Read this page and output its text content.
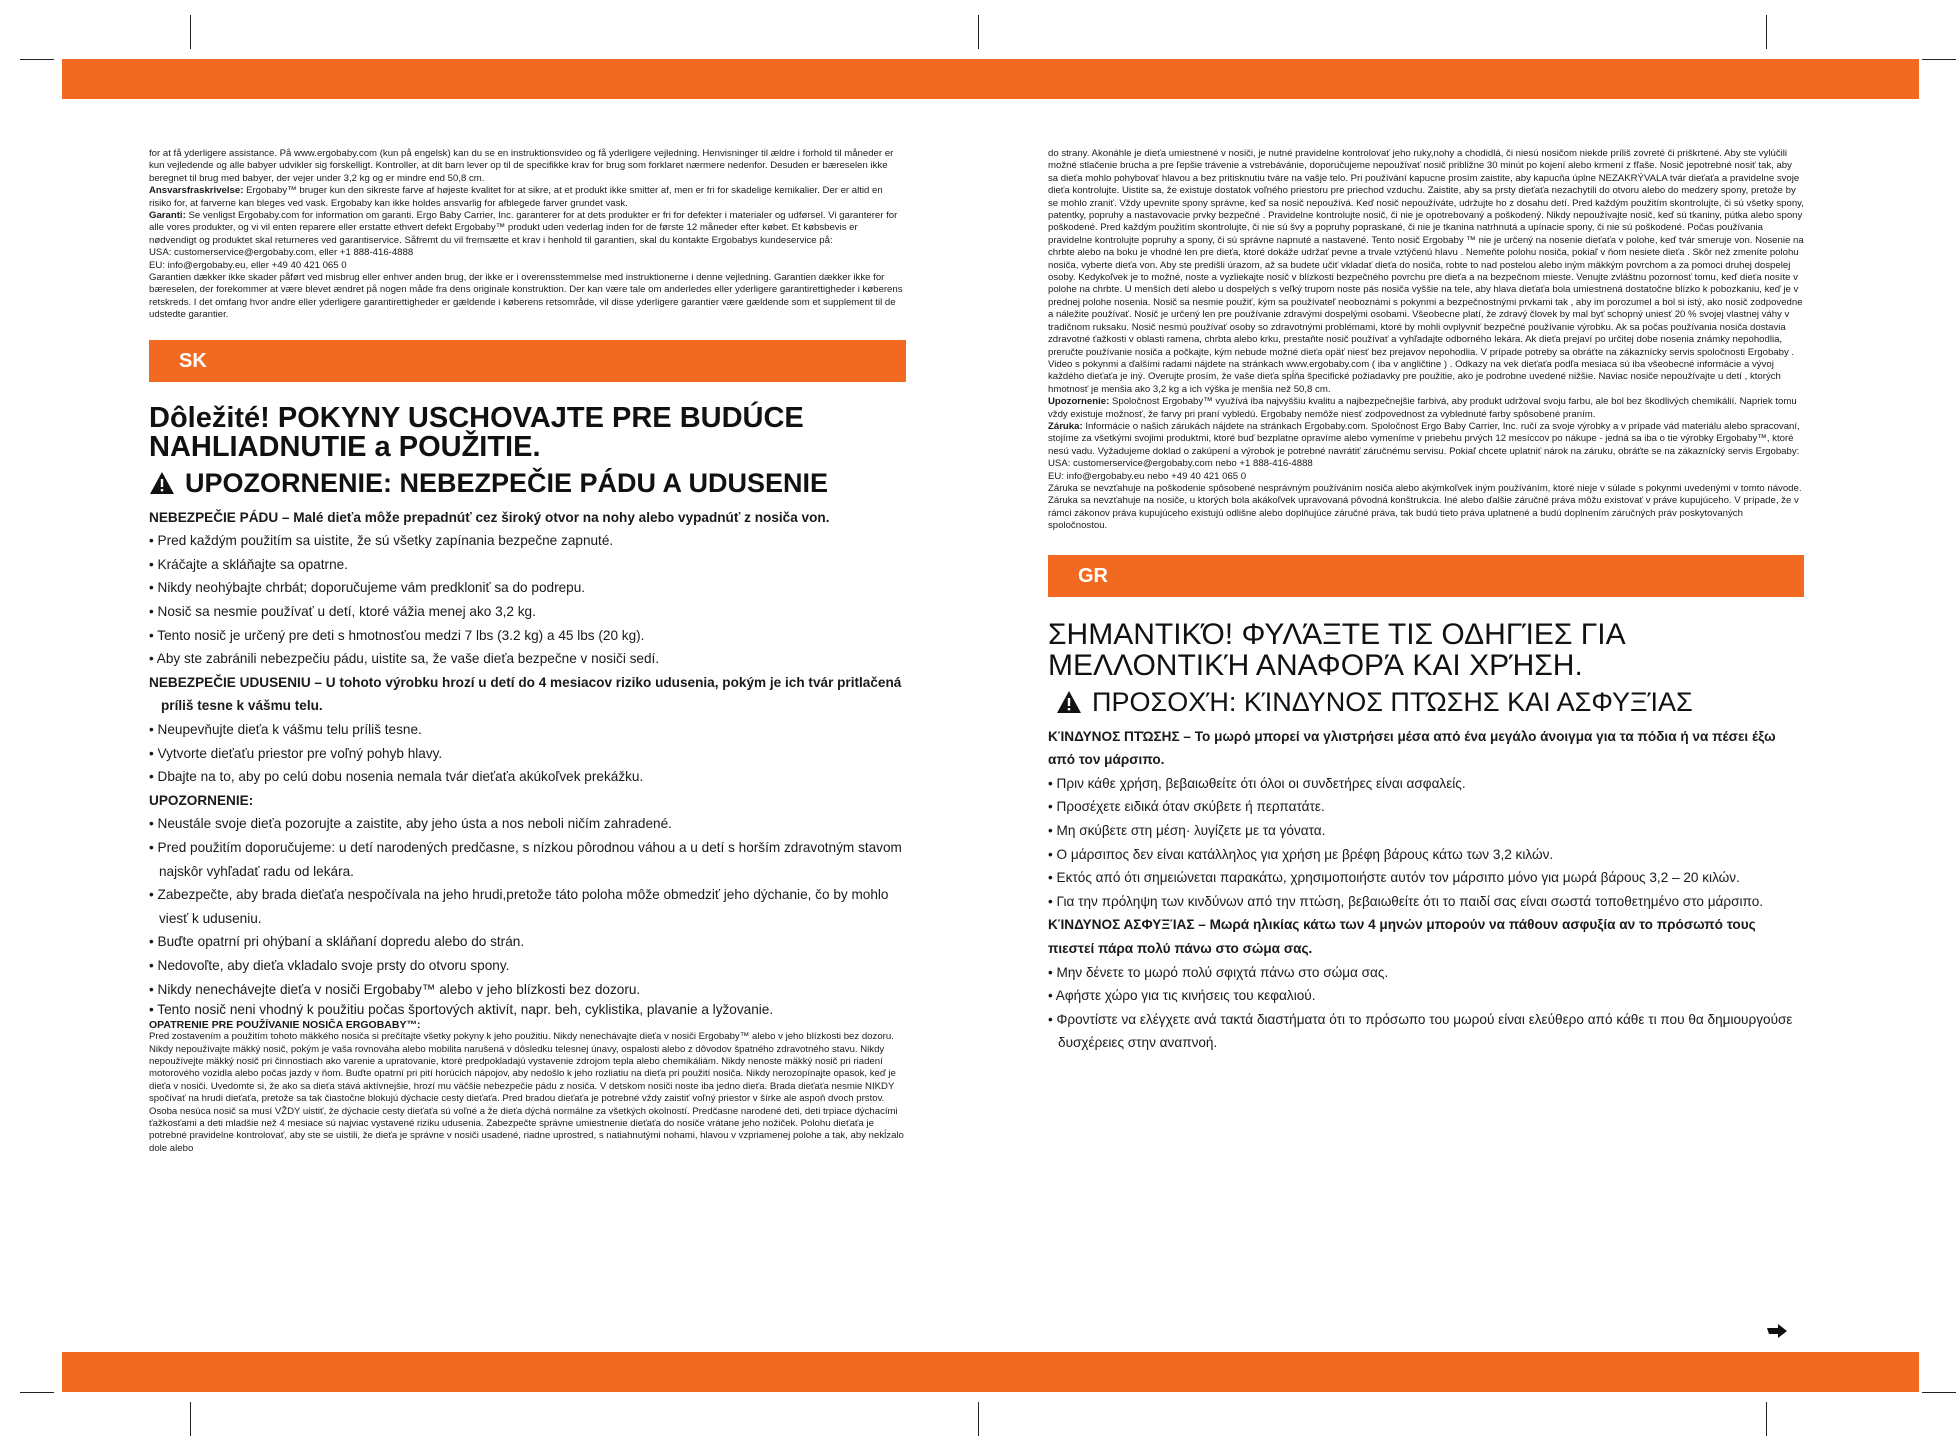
for at få yderligere assistance. På www.ergobaby.com (kun på engelsk) kan du se en instruktionsvideo og få yderligere vejledning. Henvisninger til ældre i forhold til måneder er kun vejledende og alle babyer udvikler sig forskelligt. Kontroller, at dit barn lever op til de specifikke krav for brug som forklaret nærmere nedenfor. Desuden er bæreselen ikke beregnet til brug med babyer, der vejer under 3,2 kg og er mindre end 50,8 cm.

Ansvarsfraskrivelse: Ergobaby™ bruger kun den sikreste farve af højeste kvalitet for at sikre, at et produkt ikke smitter af, men er fri for skadelige kemikalier. Der er altid en risiko for, at farverne kan bleges ved vask. Ergobaby kan ikke holdes ansvarlig for afblegede farver grundet vask.

Garanti: Se venligst Ergobaby.com for information om garanti. Ergo Baby Carrier, Inc. garanterer for at dets produkter er fri for defekter i materialer og udførsel. Vi garanterer for alle vores produkter, og vi vil enten reparere eller erstatte ethvert defekt Ergobaby™ produkt uden vederlag inden for de første 12 måneder efter købet. Et købsbevis er nødvendigt og produktet skal returneres ved garantiservice. Såfremt du vil fremsætte et krav i henhold til garantien, skal du kontakte Ergobabys kundeservice på:

USA: customerservice@ergobaby.com, eller +1 888-416-4888

EU: info@ergobaby.eu, eller +49 40 421 065 0

Garantien dækker ikke skader påført ved misbrug eller enhver anden brug, der ikke er i overensstemmelse med instruktionerne i denne vejledning. Garantien dækker ikke for bæreselen, der forekommer at være blevet ændret på nogen måde fra dens originale konstruktion. Der kan være tale om anderledes eller yderligere garantirettigheder i køberens retskreds. I det omfang hvor andre eller yderligere garantirettigheder er gældende i køberens retsområde, vil disse yderligere garantier være gældende som et supplement til de udstedte garantier.

SK
Dôležité! POKYNY USCHOVAJTE PRE BUDÚCE NAHLIADNUTIE a POUŽITIE.
UPOZORNENIE: NEBEZPEČIE PÁDU A UDUSENIE

NEBEZPEČIE PÁDU – Malé dieťa môže prepadnúť cez široký otvor na nohy alebo vypadnúť z nosiča von.

• Pred každým použitím sa uistite, že sú všetky zapínania bezpečne zapnuté.

• Kráčajte a skláňajte sa opatrne.

• Nikdy neohýbajte chrbát; doporučujeme vám predkloniť sa do podrepu.

• Nosič sa nesmie používať u detí, ktoré vážia menej ako 3,2 kg.

• Tento nosič je určený pre deti s hmotnosťou medzi 7 lbs (3.2 kg) a 45 lbs (20 kg).

• Aby ste zabránili nebezpečiu pádu, uistite sa, že vaše dieťa bezpečne v nosiči sedí.

NEBEZPEČIE UDUSENIU – U tohoto výrobku hrozí u detí do 4 mesiacov riziko udusenia, pokým je ich tvár pritlačená príliš tesne k vášmu telu.

• Neupevňujte dieťa k vášmu telu príliš tesne.

• Vytvorte dieťaťu priestor pre voľný pohyb hlavy.

• Dbajte na to, aby po celú dobu nosenia nemala tvár dieťaťa akúkoľvek prekážku.

UPOZORNENIE:

• Neustále svoje dieťa pozorujte a zaistite, aby jeho ústa a nos neboli ničím zahradené.

• Pred použitím doporučujeme: u detí narodených predčasne, s nízkou pôrodnou váhou a u detí s horším zdravotným stavom najskôr vyhľadať radu od lekára.

• Zabezpečte, aby brada dieťaťa nespočívala na jeho hrudi,pretože táto poloha môže obmedziť jeho dýchanie, čo by mohlo viesť k uduseniu.

• Buďte opatrní pri ohýbaní a skláňaní dopredu alebo do strán.

• Nedovoľte, aby dieťa vkladalo svoje prsty do otvoru spony.

• Nikdy nenechávejte dieťa v nosiči Ergobaby™ alebo v jeho blízkosti bez dozoru.

• Tento nosič neni vhodný k použitiu počas športových aktivít, napr. beh, cyklistika, plavanie a lyžovanie.

OPATRENIE PRE POUŽÍVANIE NOSIČA ERGOBABY™:

Pred zostavením a použitím tohoto mäkkého nosiča si prečítajte všetky pokyny k jeho použitiu. Nikdy nenechávajte dieťa v nosiči Ergobaby™ alebo v jeho blízkosti bez dozoru. Nikdy nepoužívajte mäkký nosič, pokým je vaša rovnováha alebo mobilita narušená v dôsledku telesnej únavy, ospalosti alebo z dôvodov špatného zdravotného stavu. Nikdy nepoužívejte mäkký nosič pri činnostiach ako varenie a upratovanie, ktoré predpokladajú vystavenie zdrojom tepla alebo chemikáliám. Nikdy nenoste mäkký nosič pri riadení motorového vozidla alebo počas jazdy v ňom. Buďte opatrní pri pití horúcich nápojov, aby nedošlo k jeho rozliatiu na dieťa pri použití nosiča. Nikdy nerozopínajte opasok, keď je dieťa v nosiči. Uvedomte si, že ako sa dieťa stává aktívnejšie, hrozí mu väčšie nebezpečie pádu z nosiča. V detskom nosiči noste iba jedno dieťa. Brada dieťaťa nesmie NIKDY spočívať na hrudi dieťaťa, pretože sa tak čiastočne blokujú dýchacie cesty dieťaťa. Pred bradou dieťaťa je potrebné vždy zaistiť voľný priestor v šírke ale aspoň dvoch prstov. Osoba nesúca nosič sa musí VŽDY uistiť, že dýchacie cesty dieťaťa sú voľné a že dieťa dýchá normálne za všetkých okolností. Predčasne narodené deti, deti trpiace dýchacími ťažkosťami a deti mladšie než 4 mesiace sú najviac vystavené riziku udusenia. Zabezpečte správne umiestnenie dieťaťa do nosiče vrátane jeho nožiček. Polohu dieťaťa je potrebné pravidelne kontrolovať, aby ste se uistili, že dieťa je správne v nosiči usadené, riadne uprostred, s natiahnutými nohami, hlavou v vzpriamenej polohe a tak, aby nekĺzalo dole alebo

do strany. Akonáhle je dieťa umiestnené v nosiči, je nutné pravidelne kontrolovať jeho ruky,nohy a chodidlá, či niesú nosičom niekde príliš zovreté či priškrtené. Aby ste vylúčili možné stlačenie brucha a pre ľepšie trávenie a vstrebávánie, doporučujeme nepoužívať nosič približne 30 minút po kojení alebo krmení z fľaše. Nosič jepotrebné nosiť tak, aby sa dieťa mohlo pohybovať hlavou a bez pritisknutiu tváre na vašje telo. Pri používání kapucne prosím zaistite, aby kapucňa úplne NEZAKRÝVALA tvár dieťaťa a pravidelne svoje dieťa kontrolujte. Uistite sa, že existuje dostatok voľného priestoru pre priechod vzduchu. Zaistite, aby sa prsty dieťaťa nezachytili do otvoru alebo do medzery spony, pretože by se mohlo zraniť. Vždy upevnite spony správne, keď sa nosič nepoužívá. Keď nosič nepoužíváte, udržujte ho z dosahu detí. Pred každým použitím skontrolujte, či sú všetky spony, patentky, popruhy a nastavovacie prvky bezpečné . Pravidelne kontrolujte nosič, či nie je opotrebovaný a poškodený. Nikdy nepoužívajte nosič, keď sú tkaniny, pútka alebo spony poškodené. Pred každým použitím skontrolujte, či nie sú švy a popruhy popraskané, či nie je tkanina natrhnutá a upínacie spony, či nie sú poškodené. Počas používania pravidelne kontrolujte popruhy a spony, či sú správne napnuté a nastavené. Tento nosič Ergobaby ™ nie je určený na nosenie dieťaťa v polohe, keď tvár smeruje von. Nosenie na chrbte alebo na boku je vhodné len pre dieťa, ktoré dokáže udržať pevne a trvale vztýčenú hlavu . Nemeňte polohu nosiča, pokiaľ v ňom nesiete dieťa . Skôr než zmeníte polohu nosiča, vyberte dieťa von. Aby ste predišli úrazom, až sa budete učiť vkladať dieťa do nosiča, robte to nad postelou alebo iným mäkkým povrchom a za pomoci druhej dospelej osoby. Kedykoľvek je to možné, noste a vyzliekajte nosič v blízkosti bezpečného povrchu pre dieťa a na bezpečnom mieste. Venujte zvláštnu pozornosť tomu, keď dieťa nosíte v polohe na chrbte. U menších detí alebo u dospelých s veľký trupom noste pás nosiča vyššie na tele, aby hlava dieťaťa bola umiestnená dostatočne blízko k pobozkaniu, keď je v prednej polohe nosenia. Nosič sa nesmie použiť, kým sa používateľ neoboznámi s pokynmi a bezpečnostnými prvkami tak , aby im porozumel a bol si istý, ako nosič zodpovedne a náležite používať. Nosič je určený len pre používanie zdravými dospelými osobami. Všeobecne platí, že zdravý človek by mal byť schopný uniesť 20 % svojej vlastnej váhy v tradičnom ruksaku. Nosič nesmú používať osoby so zdravotnými problémami, ktoré by mohli ovplyvniť bezpečné používanie výrobku. Ak sa počas používania nosiča dostavia zdravotné ťažkosti v oblasti ramena, chrbta alebo krku, prestaňte nosič používať a vyhľadajte odborného lekára. Ak dieťa prejaví po určitej dobe nosenia známky nepohodlia, preručte používanie nosiča a počkajte, kým nebude možné dieťa opäť niesť bez prejavov nepohodlia. V prípade potreby sa obráťte na zákaznícky servis spoločnosti Ergobaby . Video s pokynmi a ďalšími radami nájdete na stránkach www.ergobaby.com ( iba v angličtine ) . Odkazy na vek dieťaťa podľa mesiaca sú iba všeobecné informácie a vývoj každého dieťaťa je iný. Overujte prosím, že vaše dieťa spĺňa špecifické požiadavky pre použitie, ako je podrobne uvedené nižšie. Naviac nosiče nepoužívajte u detí , ktorých hmotnosť je menšia ako 3,2 kg a ich výška je menšia než 50,8 cm.

Upozornenie: Spoločnost Ergobaby™ využívá iba najvyššiu kvalitu a najbezpečnejšie farbivá, aby produkt udržoval svoju farbu, ale bol bez škodlivých chemikálií. Napriek tomu vždy existuje možnosť, že farvy pri praní vybledú. Ergobaby nemôže niesť zodpovednost za vyblednuté farby spôsobené praním.

Záruka: Informácie o našich zárukách nájdete na stránkach Ergobaby.com. Spoločnost Ergo Baby Carrier, Inc. ručí za svoje výrobky a v prípade vád materiálu alebo spracovaní, stojíme za všetkými svojimi produktmi, ktoré buď bezplatne opravíme alebo vymeníme v priebehu prvých 12 mesíccov po nákupe - jedná sa iba o tie výrobky Ergobaby™, ktoré nesú vadu. Vyžadujeme doklad o zakúpení a výrobok je potrebné navrátiť záručnému servisu. Pokiaľ chcete uplatniť nárok na záruku, obráťte se na zákaznícký servis Ergobaby:

USA: customerservice@ergobaby.com nebo +1 888-416-4888

EU: info@ergobaby.eu nebo +49 40 421 065 0

Záruka se nevzťahuje na poškodenie spôsobené nesprávným používáním nosiča alebo akýmkoľvek iným používáním, ktoré nieje v súlade s pokynmi uvedenými v tomto návode. Záruka sa nevzťahuje na nosiče, u ktorých bola akákoľvek upravovaná pôvodná konštrukcia. Iné alebo ďalšie záručné práva môžu existovať v práve kupujúceho. V prípade, že v rámci zákonov práva kupujúceho existujú odlišne alebo doplňujúce záručné práva, tak budú tieto práva uplatnené a budú doplnením záručných práv poskytovaných spoločnostou.

GR
ΣΗΜΑΝΤΙΚΌ! ΦΥΛΆΞΤΕ ΤΙΣ ΟΔΗΓΊΕΣ ΓΙΑ ΜΕΛΛΟΝΤΙΚΉ ΑΝΑΦΟΡΆ ΚΑΙ ΧΡΉΣΗ.
ΠΡΟΣΟΧΉ: ΚΊΝΔΥΝΟΣ ΠΤΏΣΗΣ ΚΑΙ ΑΣΦΥΞΊΑΣ

ΚΊΝΔΥΝΟΣ ΠΤΏΣΗΣ – Το μωρό μπορεί να γλιστρήσει μέσα από ένα μεγάλο άνοιγμα για τα πόδια ή να πέσει έξω από τον μάρσιπο.

• Πριν κάθε χρήση, βεβαιωθείτε ότι όλοι οι συνδετήρες είναι ασφαλείς.

• Προσέχετε ειδικά όταν σκύβετε ή περπατάτε.

• Μη σκύβετε στη μέση· λυγίζετε με τα γόνατα.

• Ο μάρσιπος δεν είναι κατάλληλος για χρήση με βρέφη βάρους κάτω των 3,2 κιλών.

• Εκτός από ότι σημειώνεται παρακάτω, χρησιμοποιήστε αυτόν τον μάρσιπο μόνο για μωρά βάρους 3,2 – 20 κιλών.

• Για την πρόληψη των κινδύνων από την πτώση, βεβαιωθείτε ότι το παιδί σας είναι σωστά τοποθετημένο στο μάρσιπο.

ΚΊΝΔΥΝΟΣ ΑΣΦΥΞΊΑΣ – Μωρά ηλικίας κάτω των 4 μηνών μπορούν να πάθουν ασφυξία αν το πρόσωπό τους πιεστεί πάρα πολύ πάνω στο σώμα σας.

• Μην δένετε το μωρό πολύ σφιχτά πάνω στο σώμα σας.

• Αφήστε χώρο για τις κινήσεις του κεφαλιού.

• Φροντίστε να ελέγχετε ανά τακτά διαστήματα ότι το πρόσωπο του μωρού είναι ελεύθερο από κάθε τι που θα δημιουργούσε δυσχέρειες στην αναπνοή.
